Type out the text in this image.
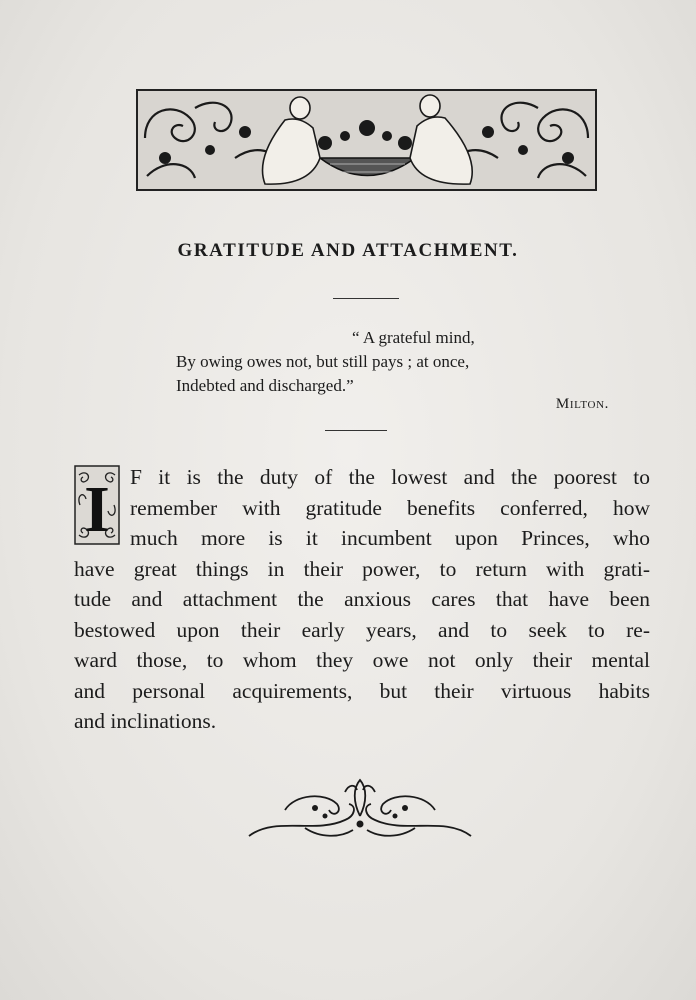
GRATITUDE AND ATTACHMENT.
“ A grateful mind,
By owing owes not, but still pays ; at once,
Indebted and discharged.”
Milton.
I F it is the duty of the lowest and the poorest to
remember with gratitude benefits conferred, how
much more is it incumbent upon Princes, who
have great things in their power, to return with grati-
tude and attachment the anxious cares that have been
bestowed upon their early years, and to seek to re-
ward those, to whom they owe not only their mental
and personal acquirements, but their virtuous habits
and inclinations.
